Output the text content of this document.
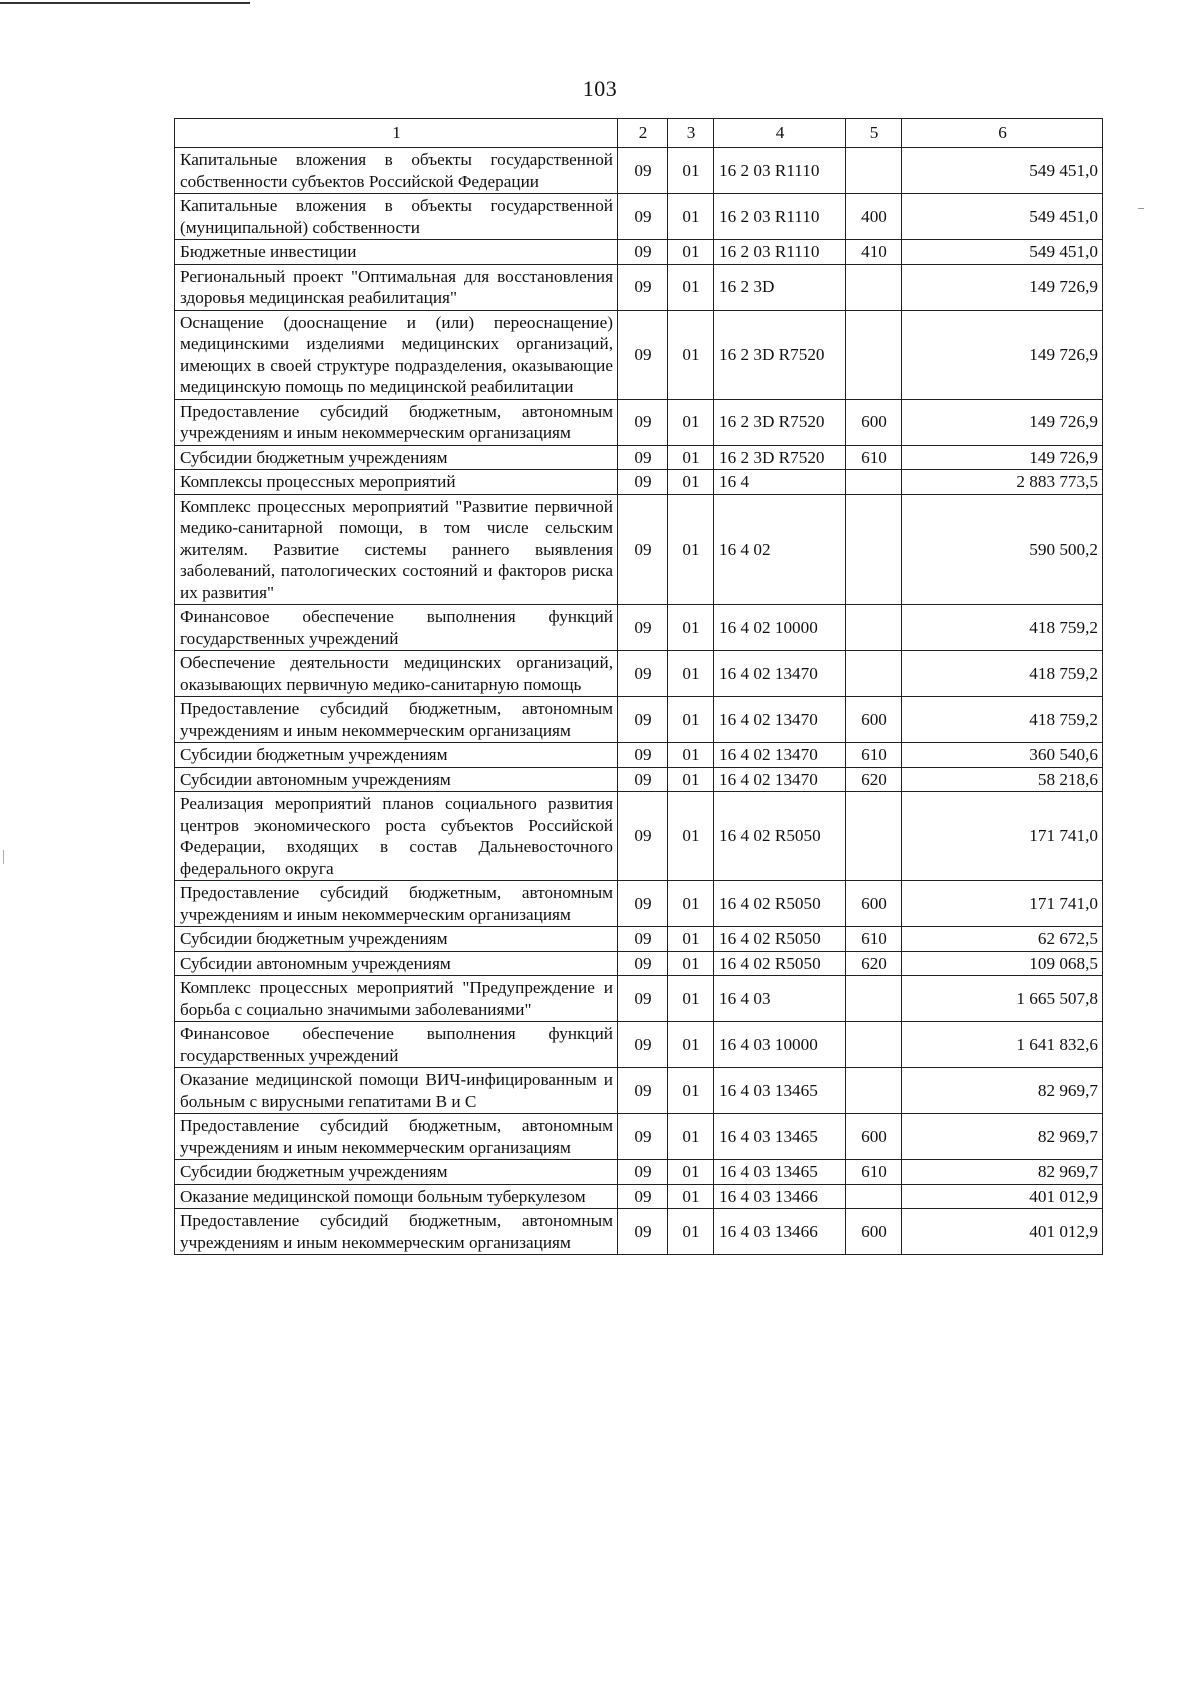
103
1	2	3	4	5	6
Капитальные вложения в объекты государственной собственности субъектов Российской Федерации	09	01	16 2 03 R1110		549 451,0
Капитальные вложения в объекты государственной (муниципальной) собственности	09	01	16 2 03 R1110	400	549 451,0
Бюджетные инвестиции	09	01	16 2 03 R1110	410	549 451,0
Региональный проект "Оптимальная для восстановления здоровья медицинская реабилитация"	09	01	16 2 3D		149 726,9
Оснащение (дооснащение и (или) переоснащение) медицинскими изделиями медицинских организаций, имеющих в своей структуре подразделения, оказывающие медицинскую помощь по медицинской реабилитации	09	01	16 2 3D R7520		149 726,9
Предоставление субсидий бюджетным, автономным учреждениям и иным некоммерческим организациям	09	01	16 2 3D R7520	600	149 726,9
Субсидии бюджетным учреждениям	09	01	16 2 3D R7520	610	149 726,9
Комплексы процессных мероприятий	09	01	16 4		2 883 773,5
Комплекс процессных мероприятий "Развитие первичной медико-санитарной помощи, в том числе сельским жителям. Развитие системы раннего выявления заболеваний, патологических состояний и факторов риска их развития"	09	01	16 4 02		590 500,2
Финансовое обеспечение выполнения функций государственных учреждений	09	01	16 4 02 10000		418 759,2
Обеспечение деятельности медицинских организаций, оказывающих первичную медико-санитарную помощь	09	01	16 4 02 13470		418 759,2
Предоставление субсидий бюджетным, автономным учреждениям и иным некоммерческим организациям	09	01	16 4 02 13470	600	418 759,2
Субсидии бюджетным учреждениям	09	01	16 4 02 13470	610	360 540,6
Субсидии автономным учреждениям	09	01	16 4 02 13470	620	58 218,6
Реализация мероприятий планов социального развития центров экономического роста субъектов Российской Федерации, входящих в состав Дальневосточного федерального округа	09	01	16 4 02 R5050		171 741,0
Предоставление субсидий бюджетным, автономным учреждениям и иным некоммерческим организациям	09	01	16 4 02 R5050	600	171 741,0
Субсидии бюджетным учреждениям	09	01	16 4 02 R5050	610	62 672,5
Субсидии автономным учреждениям	09	01	16 4 02 R5050	620	109 068,5
Комплекс процессных мероприятий "Предупреждение и борьба с социально значимыми заболеваниями"	09	01	16 4 03		1 665 507,8
Финансовое обеспечение выполнения функций государственных учреждений	09	01	16 4 03 10000		1 641 832,6
Оказание медицинской помощи ВИЧ-инфицированным и больным с вирусными гепатитами В и С	09	01	16 4 03 13465		82 969,7
Предоставление субсидий бюджетным, автономным учреждениям и иным некоммерческим организациям	09	01	16 4 03 13465	600	82 969,7
Субсидии бюджетным учреждениям	09	01	16 4 03 13465	610	82 969,7
Оказание медицинской помощи больным туберкулезом	09	01	16 4 03 13466		401 012,9
Предоставление субсидий бюджетным, автономным учреждениям и иным некоммерческим организациям	09	01	16 4 03 13466	600	401 012,9
